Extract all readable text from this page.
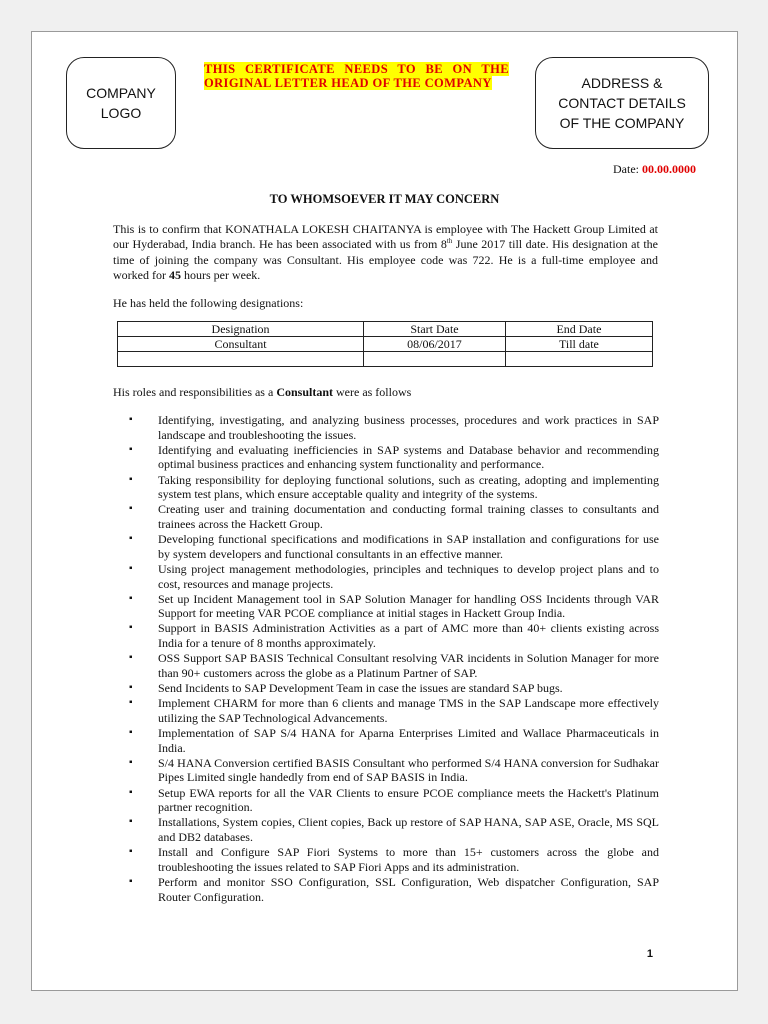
COMPANY
LOGO
THIS CERTIFICATE NEEDS TO BE ON THE ORIGINAL LETTER HEAD OF THE COMPANY	ADDRESS &
CONTACT DETAILS
OF THE COMPANY
Date: 00.00.0000
TO WHOMSOEVER IT MAY CONCERN
This is to confirm that KONATHALA LOKESH CHAITANYA is employee with The Hackett Group Limited at our Hyderabad, India branch. He has been associated with us from 8th June 2017 till date. His designation at the time of joining the company was Consultant. His employee code was 722. He is a full-time employee and worked for 45 hours per week.
He has held the following designations:
Designation	Start Date	End Date
Consultant	08/06/2017	Till date

His roles and responsibilities as a Consultant were as follows
▪ Identifying, investigating, and analyzing business processes, procedures and work practices in SAP landscape and troubleshooting the issues.
▪ Identifying and evaluating inefficiencies in SAP systems and Database behavior and recommending optimal business practices and enhancing system functionality and performance.
▪ Taking responsibility for deploying functional solutions, such as creating, adopting and implementing system test plans, which ensure acceptable quality and integrity of the systems.
▪ Creating user and training documentation and conducting formal training classes to consultants and trainees across the Hackett Group.
▪ Developing functional specifications and modifications in SAP installation and configurations for use by system developers and functional consultants in an effective manner.
▪ Using project management methodologies, principles and techniques to develop project plans and to cost, resources and manage projects.
▪ Set up Incident Management tool in SAP Solution Manager for handling OSS Incidents through VAR Support for meeting VAR PCOE compliance at initial stages in Hackett Group India.
▪ Support in BASIS Administration Activities as a part of AMC more than 40+ clients existing across India for a tenure of 8 months approximately.
▪ OSS Support SAP BASIS Technical Consultant resolving VAR incidents in Solution Manager for more than 90+ customers across the globe as a Platinum Partner of SAP.
▪ Send Incidents to SAP Development Team in case the issues are standard SAP bugs.
▪ Implement CHARM for more than 6 clients and manage TMS in the SAP Landscape more effectively utilizing the SAP Technological Advancements.
▪ Implementation of SAP S/4 HANA for Aparna Enterprises Limited and Wallace Pharmaceuticals in India.
▪ S/4 HANA Conversion certified BASIS Consultant who performed S/4 HANA conversion for Sudhakar Pipes Limited single handedly from end of SAP BASIS in India.
▪ Setup EWA reports for all the VAR Clients to ensure PCOE compliance meets the Hackett's Platinum partner recognition.
▪ Installations, System copies, Client copies, Back up restore of SAP HANA, SAP ASE, Oracle, MS SQL and DB2 databases.
▪ Install and Configure SAP Fiori Systems to more than 15+ customers across the globe and troubleshooting the issues related to SAP Fiori Apps and its administration.
▪ Perform and monitor SSO Configuration, SSL Configuration, Web dispatcher Configuration, SAP Router Configuration.
1
